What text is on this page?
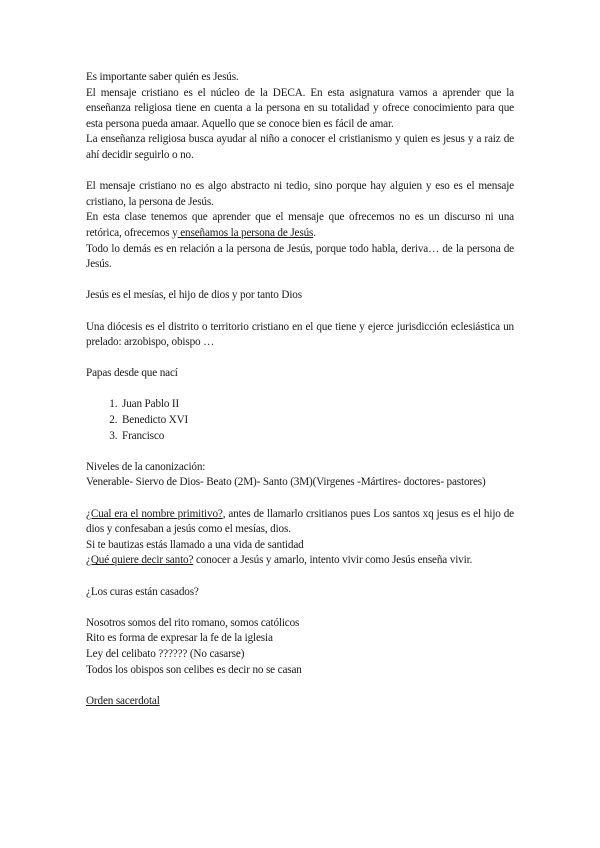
Es importante saber quién es Jesús.

El mensaje cristiano es el núcleo de la DECA. En esta asignatura vamos a aprender que la enseñanza religiosa tiene en cuenta a la persona en su totalidad y ofrece conocimiento para que esta persona pueda amaar. Aquello que se conoce bien es fácil de amar.

La enseñanza religiosa busca ayudar al niño a conocer el cristianismo y quien es jesus y a raiz de ahí decidir seguirlo o no.

El mensaje cristiano no es algo abstracto ni tedio, sino porque hay alguien y eso es el mensaje cristiano, la persona de Jesús.

En esta clase tenemos que aprender que el mensaje que ofrecemos no es un discurso ni una retórica, ofrecemos y enseñamos la persona de Jesús.

Todo lo demás es en relación a la persona de Jesús, porque todo habla, deriva… de la persona de Jesús.

Jesús es el mesías, el hijo de dios y por tanto Dios

Una diócesis es el distrito o territorio cristiano en el que tiene y ejerce jurisdicción eclesiástica un prelado: arzobispo, obispo …

Papas desde que nací

1. Juan Pablo II
2. Benedicto XVI
3. Francisco

Niveles de la canonización:

Venerable- Siervo de Dios- Beato (2M)- Santo (3M)(Virgenes -Mártires- doctores- pastores)

¿Cual era el nombre primitivo?, antes de llamarlo crsitianos pues Los santos xq jesus es el hijo de dios y confesaban a jesús como el mesías, dios.

Si te bautizas estás llamado a una vida de santidad

¿Qué quiere decir santo? conocer a Jesús y amarlo, intento vivir como Jesús enseña vivir.

¿Los curas están casados?

Nosotros somos del rito romano, somos católicos

Rito es forma de expresar la fe de la iglesia

Ley del celibato ?????? (No casarse)

Todos los obispos son celibes es decir no se casan

Orden sacerdotal
